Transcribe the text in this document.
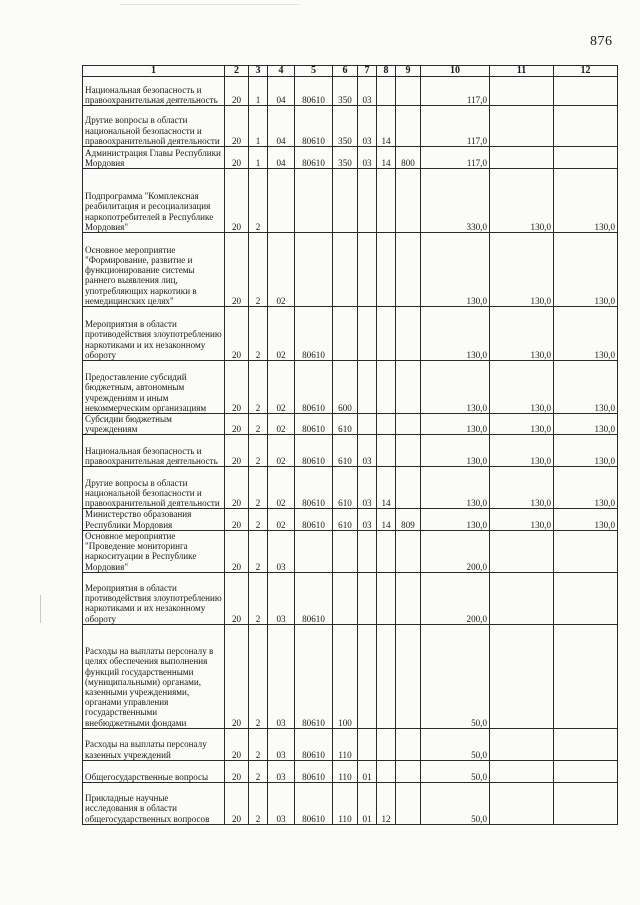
876
1	2	3	4	5	6	7	8	9	10	11	12
Национальная безопасность и правоохранительная деятельность	20	1	04	80610	350	03			117,0		
Другие вопросы в области национальной безопасности и правоохранительной деятельности	20	1	04	80610	350	03	14		117,0		
Администрация Главы Республики Мордовия	20	1	04	80610	350	03	14	800	117,0		
Подпрограмма "Комплексная реабилитация и ресоциализация наркопотребителей в Республике Мордовия"	20	2							330,0	130,0	130,0
Основное мероприятие "Формирование, развитие и функционирование системы раннего выявления лиц, употребляющих наркотики в немедицинских целях"	20	2	02						130,0	130,0	130,0
Мероприятия в области противодействия злоупотреблению наркотиками и их незаконному обороту	20	2	02	80610					130,0	130,0	130,0
Предоставление субсидий бюджетным, автономным учреждениям и иным некоммерческим организациям	20	2	02	80610	600				130,0	130,0	130,0
Субсидии бюджетным учреждениям	20	2	02	80610	610				130,0	130,0	130,0
Национальная безопасность и правоохранительная деятельность	20	2	02	80610	610	03			130,0	130,0	130,0
Другие вопросы в области национальной безопасности и правоохранительной деятельности	20	2	02	80610	610	03	14		130,0	130,0	130,0
Министерство образования Республики Мордовия	20	2	02	80610	610	03	14	809	130,0	130,0	130,0
Основное мероприятие "Проведение мониторинга наркоситуации в Республике Мордовия"	20	2	03						200,0		
Мероприятия в области противодействия злоупотреблению наркотиками и их незаконному обороту	20	2	03	80610					200,0		
Расходы на выплаты персоналу в целях обеспечения выполнения функций государственными (муниципальными) органами, казенными учреждениями, органами управления государственными внебюджетными фондами	20	2	03	80610	100				50,0		
Расходы на выплаты персоналу казенных учреждений	20	2	03	80610	110				50,0		
Общегосударственные вопросы	20	2	03	80610	110	01			50,0		
Прикладные научные исследования в области общегосударственных вопросов	20	2	03	80610	110	01	12		50,0		
